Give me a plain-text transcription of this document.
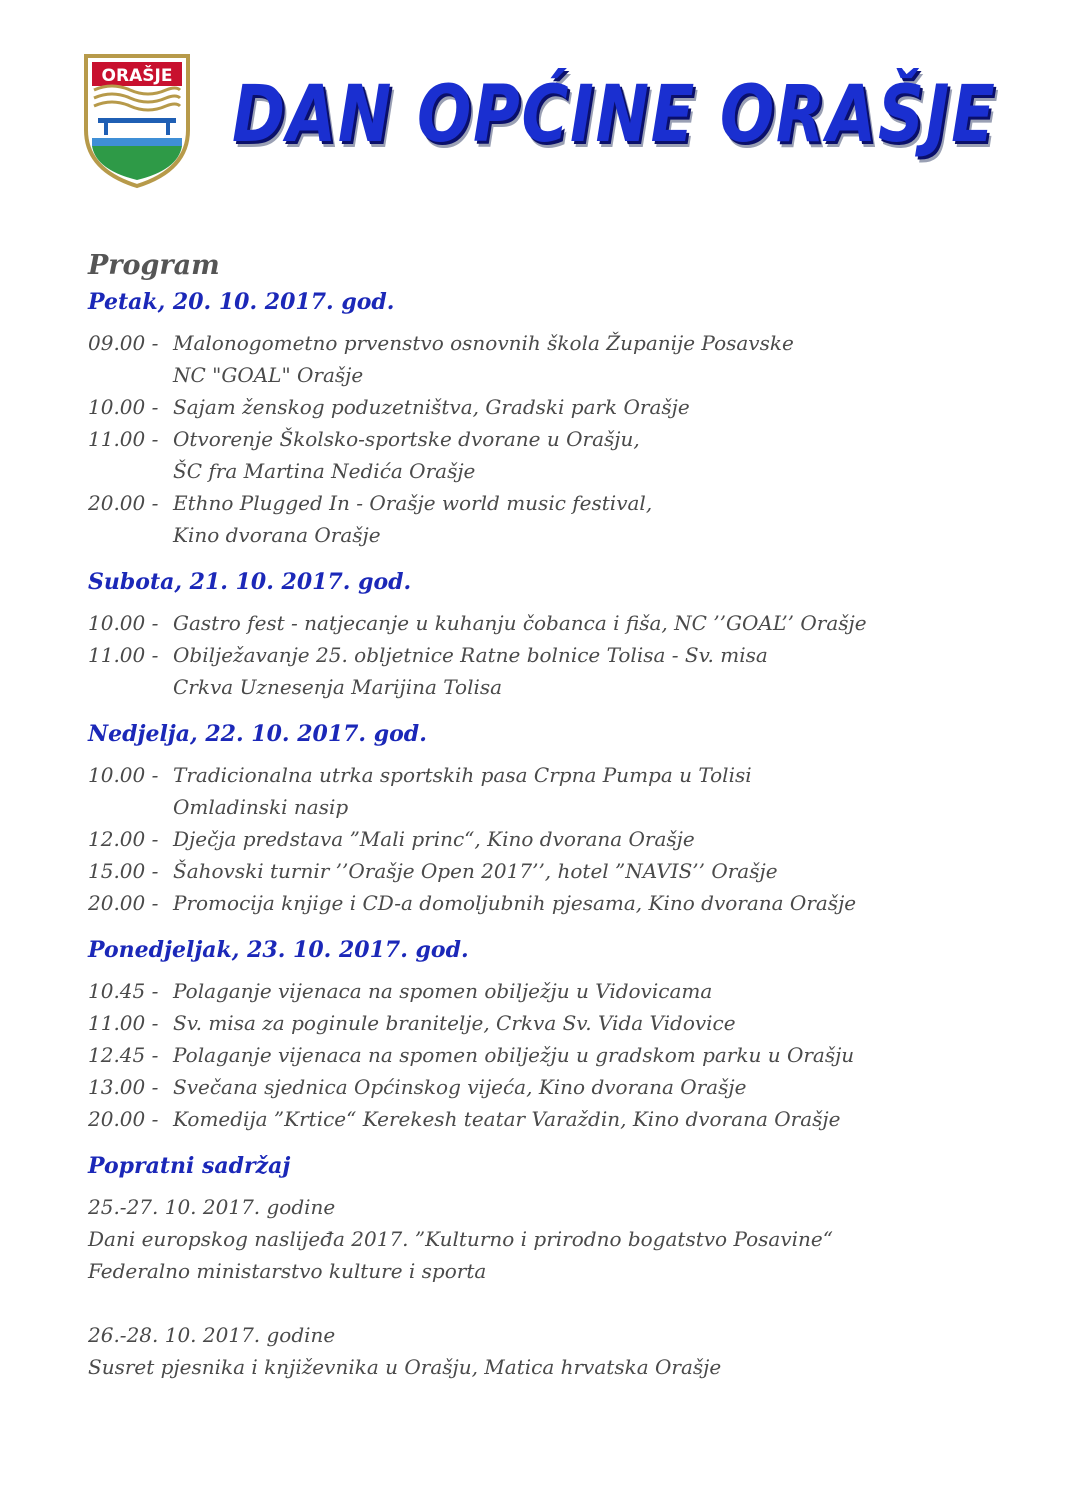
ORAŠJE DAN OPĆINE ORAŠJE
Program
Petak, 20. 10. 2017. god.
09.00 - Malonogometno prvenstvo osnovnih škola Županije Posavske
NC "GOAL" Orašje
10.00 - Sajam ženskog poduzetništva, Gradski park Orašje
11.00 - Otvorenje Školsko-sportske dvorane u Orašju,
ŠC fra Martina Nedića Orašje
20.00 - Ethno Plugged In - Orašje world music festival,
Kino dvorana Orašje
Subota, 21. 10. 2017. god.
10.00 - Gastro fest - natjecanje u kuhanju čobanca i fiša, NC ’’GOAL’’ Orašje
11.00 - Obilježavanje 25. obljetnice Ratne bolnice Tolisa - Sv. misa
Crkva Uznesenja Marijina Tolisa
Nedjelja, 22. 10. 2017. god.
10.00 - Tradicionalna utrka sportskih pasa Crpna Pumpa u Tolisi
Omladinski nasip
12.00 - Dječja predstava ”Mali princ“, Kino dvorana Orašje
15.00 - Šahovski turnir ’’Orašje Open 2017’’, hotel ”NAVIS’’ Orašje
20.00 - Promocija knjige i CD-a domoljubnih pjesama, Kino dvorana Orašje
Ponedjeljak, 23. 10. 2017. god.
10.45 - Polaganje vijenaca na spomen obilježju u Vidovicama
11.00 - Sv. misa za poginule branitelje, Crkva Sv. Vida Vidovice
12.45 - Polaganje vijenaca na spomen obilježju u gradskom parku u Orašju
13.00 - Svečana sjednica Općinskog vijeća, Kino dvorana Orašje
20.00 - Komedija ”Krtice“ Kerekesh teatar Varaždin, Kino dvorana Orašje
Popratni sadržaj
25.-27. 10. 2017. godine
Dani europskog naslijeđa 2017. ”Kulturno i prirodno bogatstvo Posavine“
Federalno ministarstvo kulture i sporta
26.-28. 10. 2017. godine
Susret pjesnika i književnika u Orašju, Matica hrvatska Orašje
